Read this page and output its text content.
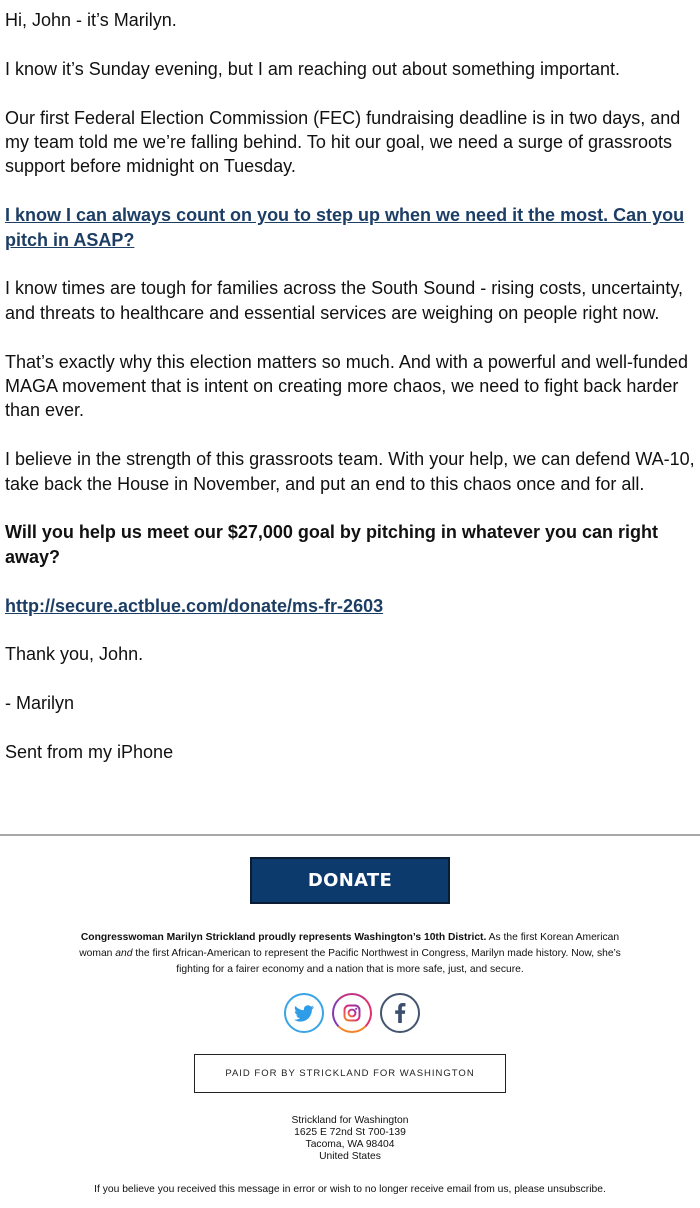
Hi, John - it’s Marilyn.

I know it’s Sunday evening, but I am reaching out about something important.

Our first Federal Election Commission (FEC) fundraising deadline is in two days, and my team told me we’re falling behind. To hit our goal, we need a surge of grassroots support before midnight on Tuesday.

I know I can always count on you to step up when we need it the most. Can you pitch in ASAP?

I know times are tough for families across the South Sound - rising costs, uncertainty, and threats to healthcare and essential services are weighing on people right now.

That’s exactly why this election matters so much. And with a powerful and well-funded MAGA movement that is intent on creating more chaos, we need to fight back harder than ever.

I believe in the strength of this grassroots team. With your help, we can defend WA-10, take back the House in November, and put an end to this chaos once and for all.

Will you help us meet our $27,000 goal by pitching in whatever you can right away?

http://secure.actblue.com/donate/ms-fr-2603

Thank you, John.

- Marilyn

Sent from my iPhone

DONATE
Congresswoman Marilyn Strickland proudly represents Washington’s 10th District. As the first Korean American woman and the first African-American to represent the Pacific Northwest in Congress, Marilyn made history. Now, she’s fighting for a fairer economy and a nation that is more safe, just, and secure.
PAID FOR BY STRICKLAND FOR WASHINGTON
Strickland for Washington
1625 E 72nd St 700-139
Tacoma, WA 98404
United States
If you believe you received this message in error or wish to no longer receive email from us, please unsubscribe.
